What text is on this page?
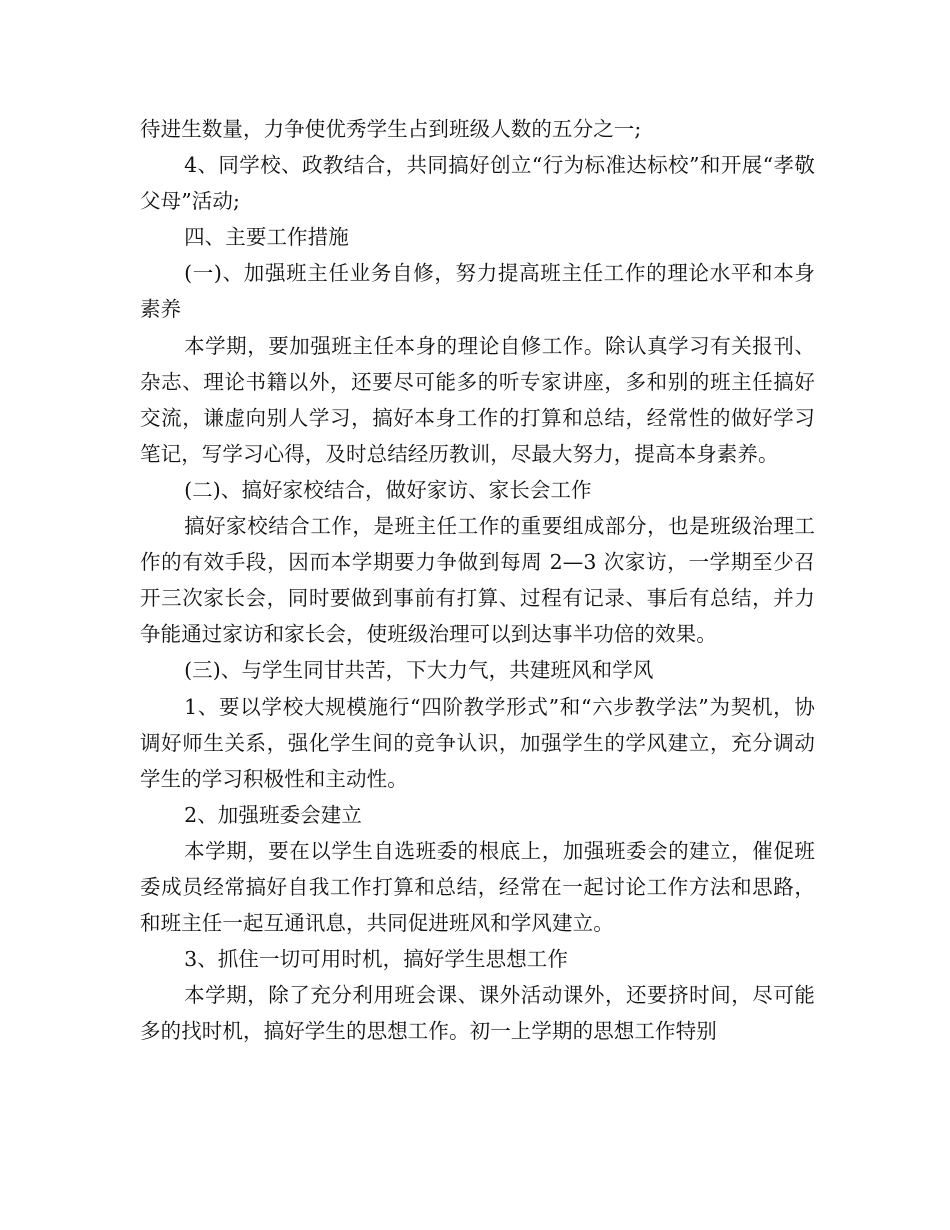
待进生数量，力争使优秀学生占到班级人数的五分之一;

4、同学校、政教结合，共同搞好创立“行为标准达标校”和开展“孝敬父母”活动;

四、主要工作措施

(一)、加强班主任业务自修，努力提高班主任工作的理论水平和本身素养

本学期，要加强班主任本身的理论自修工作。除认真学习有关报刊、杂志、理论书籍以外，还要尽可能多的听专家讲座，多和别的班主任搞好交流，谦虚向别人学习，搞好本身工作的打算和总结，经常性的做好学习笔记，写学习心得，及时总结经历教训，尽最大努力，提高本身素养。

(二)、搞好家校结合，做好家访、家长会工作

搞好家校结合工作，是班主任工作的重要组成部分，也是班级治理工作的有效手段，因而本学期要力争做到每周 2—3 次家访，一学期至少召开三次家长会，同时要做到事前有打算、过程有记录、事后有总结，并力争能通过家访和家长会，使班级治理可以到达事半功倍的效果。

(三)、与学生同甘共苦，下大力气，共建班风和学风

1、要以学校大规模施行“四阶教学形式”和“六步教学法”为契机，协调好师生关系，强化学生间的竞争认识，加强学生的学风建立，充分调动学生的学习积极性和主动性。

2、加强班委会建立

本学期，要在以学生自选班委的根底上，加强班委会的建立，催促班委成员经常搞好自我工作打算和总结，经常在一起讨论工作方法和思路，和班主任一起互通讯息，共同促进班风和学风建立。

3、抓住一切可用时机，搞好学生思想工作

本学期，除了充分利用班会课、课外活动课外，还要挤时间，尽可能多的找时机，搞好学生的思想工作。初一上学期的思想工作特别
